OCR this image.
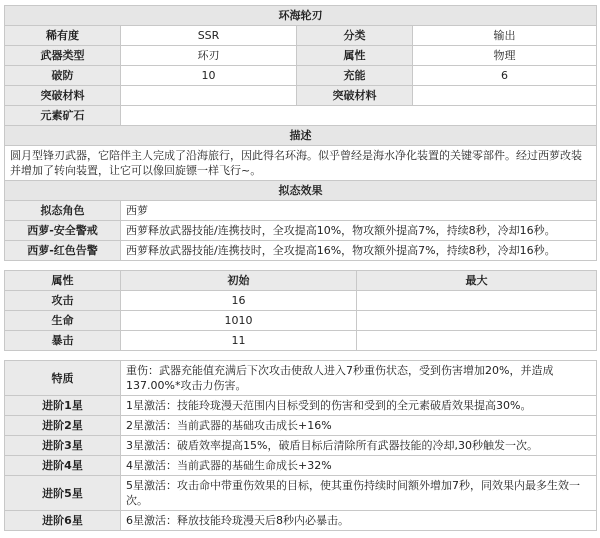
环海轮刃			
稀有度	SSR	分类	输出
武器类型	环刃	属性	物理
破防	10	充能	6
突破材料		突破材料	
元素矿石			
描述			
圆月型锋刃武器，它陪伴主人完成了沿海旅行，因此得名环海。似乎曾经是海水净化装置的关键零部件。经过西萝改装并增加了转向装置，让它可以像回旋镖一样飞行~。			
拟态效果			
拟态角色	西萝		
西萝-安全警戒	西萝释放武器技能/连携技时，全攻提高10%，物攻额外提高7%，持续8秒，冷却16秒。		
西萝-红色告警	西萝释放武器技能/连携技时，全攻提高16%，物攻额外提高7%，持续8秒，冷却16秒。		
属性	初始	最大
攻击	16	
生命	1010	
暴击	11	
特质	重伤：武器充能值充满后下次攻击使敌人进入7秒重伤状态，受到伤害增加20%，并造成137.00%*攻击力伤害。
进阶1星	1星激活：技能玲珑漫天范围内目标受到的伤害和受到的全元素破盾效果提高30%。
进阶2星	2星激活：当前武器的基础攻击成长+16%
进阶3星	3星激活：破盾效率提高15%，破盾目标后清除所有武器技能的冷却,30秒触发一次。
进阶4星	4星激活：当前武器的基础生命成长+32%
进阶5星	5星激活：攻击命中带重伤效果的目标，使其重伤持续时间额外增加7秒，同效果内最多生效一次。
进阶6星	6星激活：释放技能玲珑漫天后8秒内必暴击。
